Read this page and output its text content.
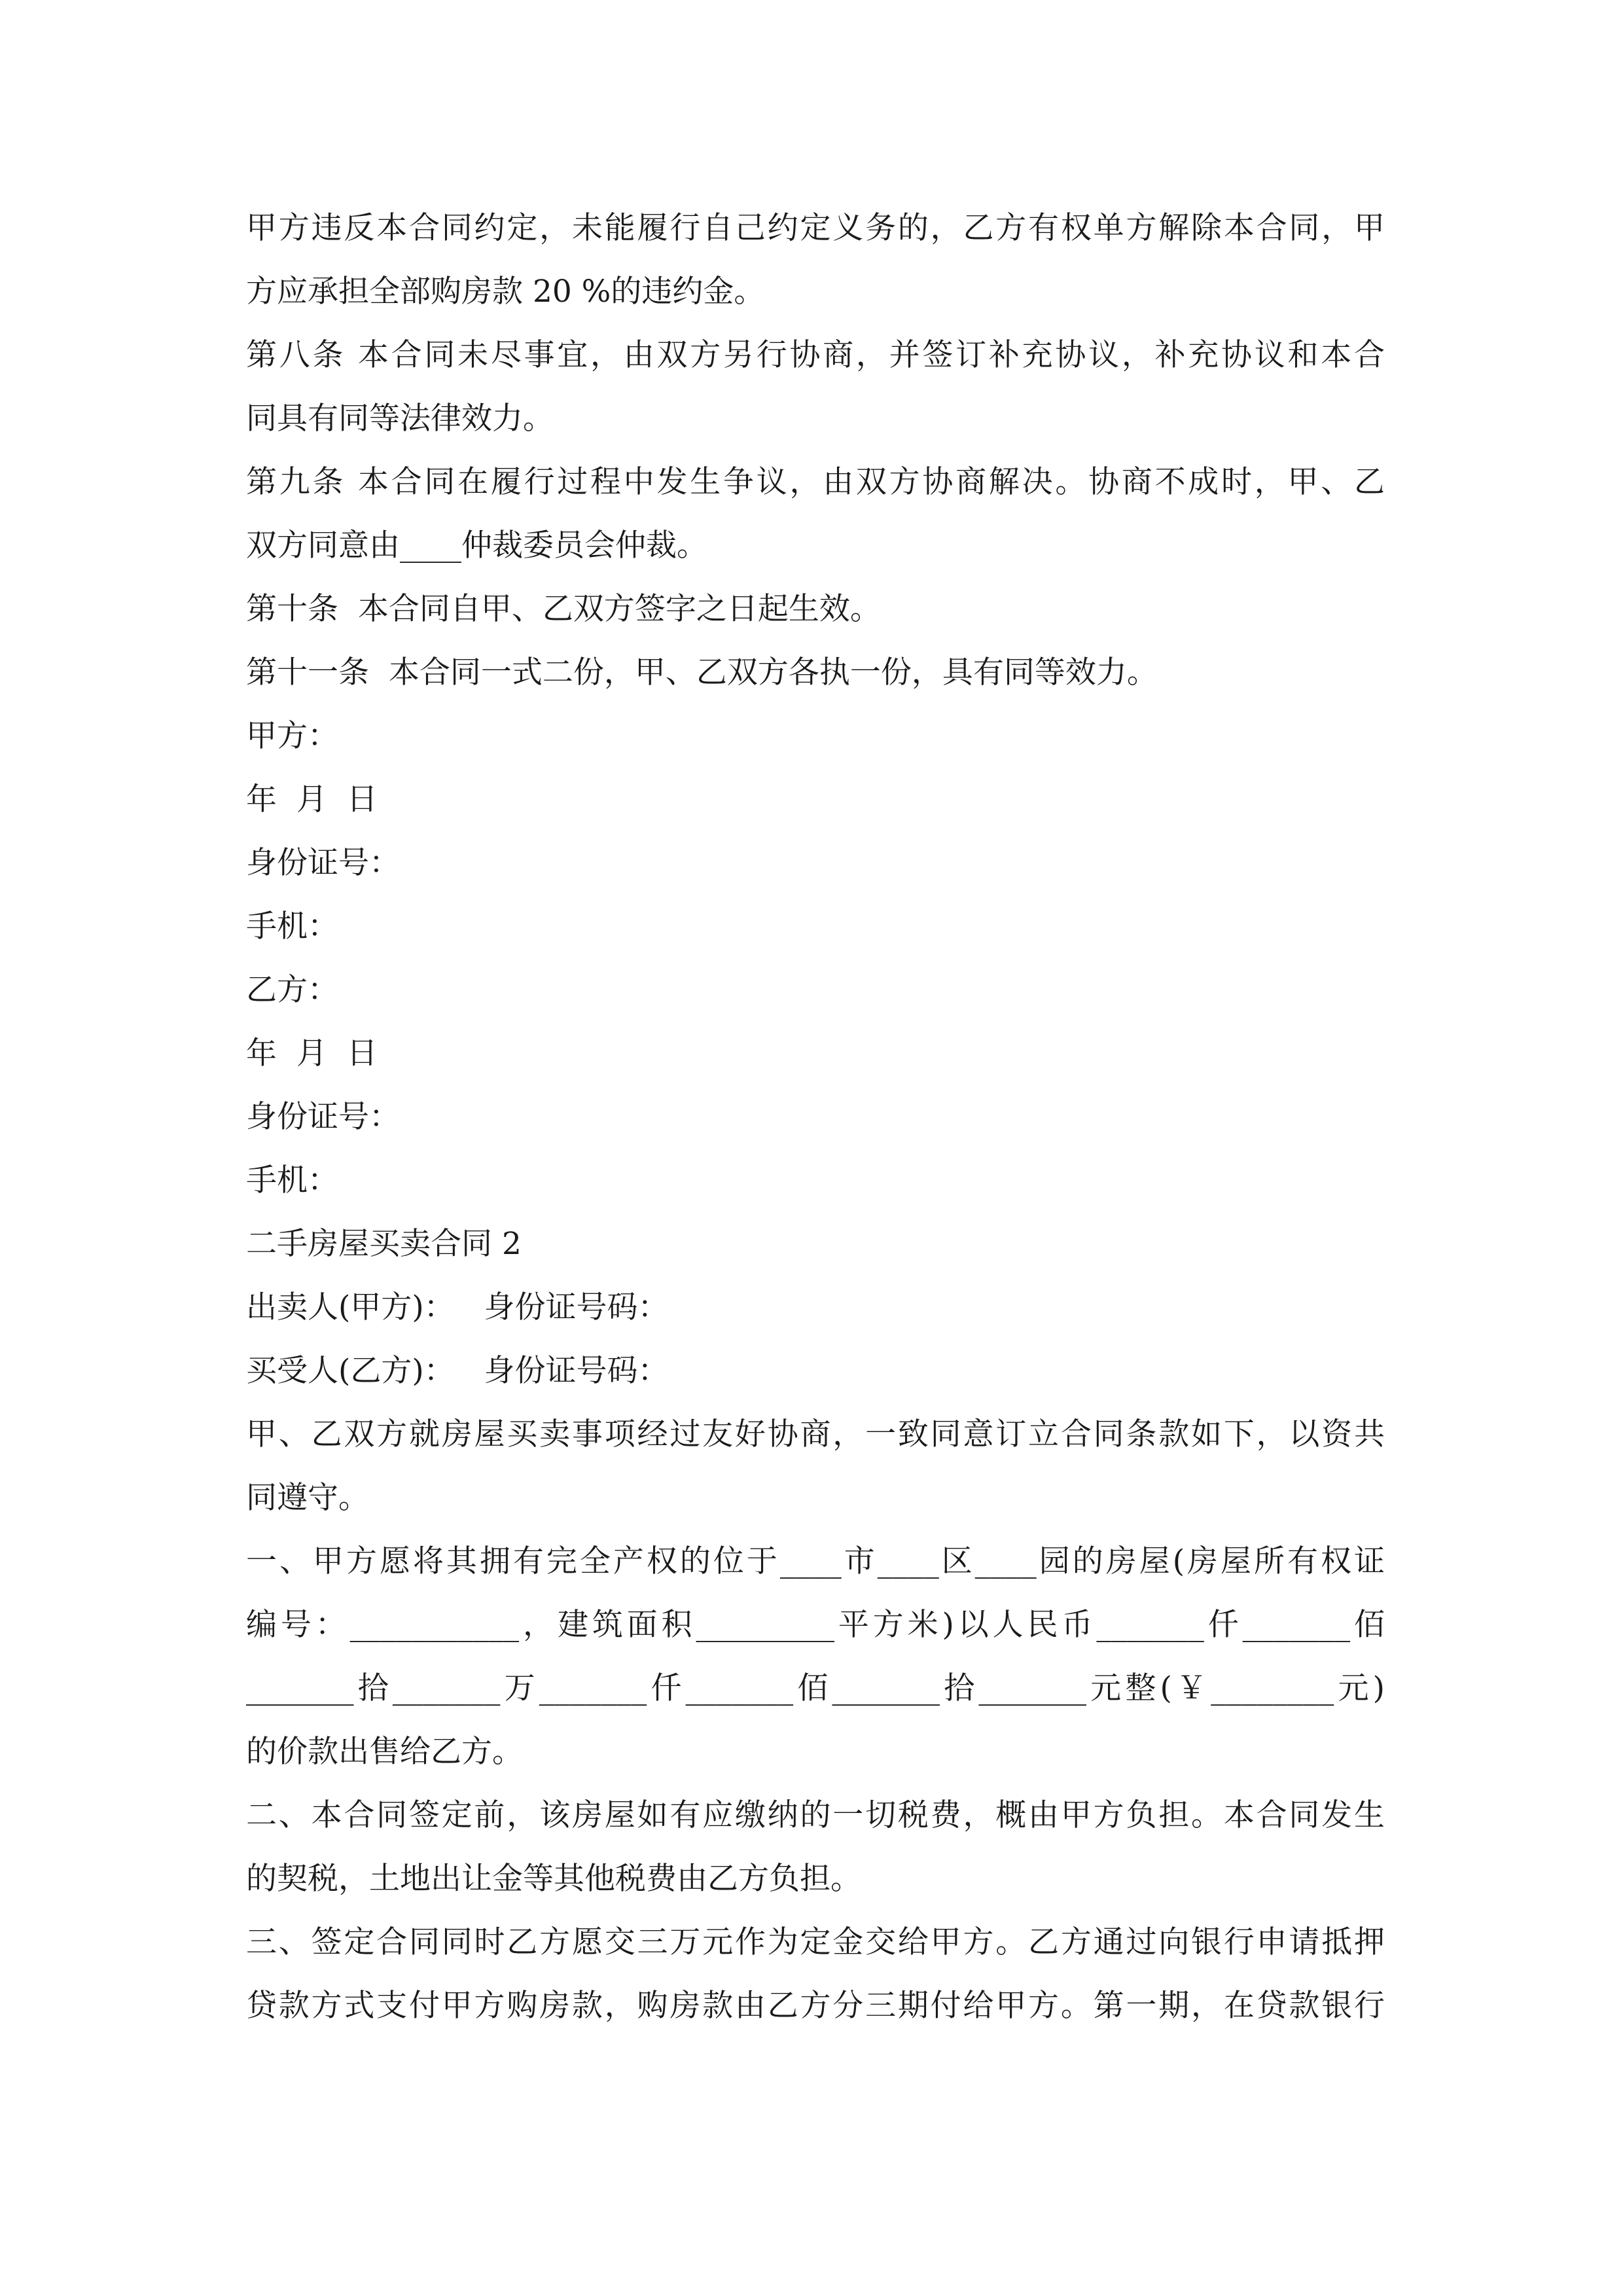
甲方违反本合同约定，未能履行自己约定义务的，乙方有权单方解除本合同，甲
方应承担全部购房款 20 %的违约金。
第八条 本合同未尽事宜，由双方另行协商，并签订补充协议，补充协议和本合
同具有同等法律效力。
第九条 本合同在履行过程中发生争议，由双方协商解决。协商不成时，甲、乙
双方同意由____仲裁委员会仲裁。
第十条  本合同自甲、乙双方签字之日起生效。
第十一条  本合同一式二份，甲、乙双方各执一份，具有同等效力。
甲方：
年  月  日
身份证号：
手机：
乙方：
年  月  日
身份证号：
手机：
二手房屋买卖合同 2
出卖人(甲方)：   身份证号码：
买受人(乙方)：   身份证号码：
甲、乙双方就房屋买卖事项经过友好协商，一致同意订立合同条款如下，以资共
同遵守。
一、甲方愿将其拥有完全产权的位于____市____区____园的房屋(房屋所有权证
编号：___________，建筑面积_________平方米)以人民币_______仟_______佰
_______拾_______万_______仟_______佰_______拾_______元整(￥________元)
的价款出售给乙方。
二、本合同签定前，该房屋如有应缴纳的一切税费，概由甲方负担。本合同发生
的契税，土地出让金等其他税费由乙方负担。
三、签定合同同时乙方愿交三万元作为定金交给甲方。乙方通过向银行申请抵押
贷款方式支付甲方购房款，购房款由乙方分三期付给甲方。第一期，在贷款银行
